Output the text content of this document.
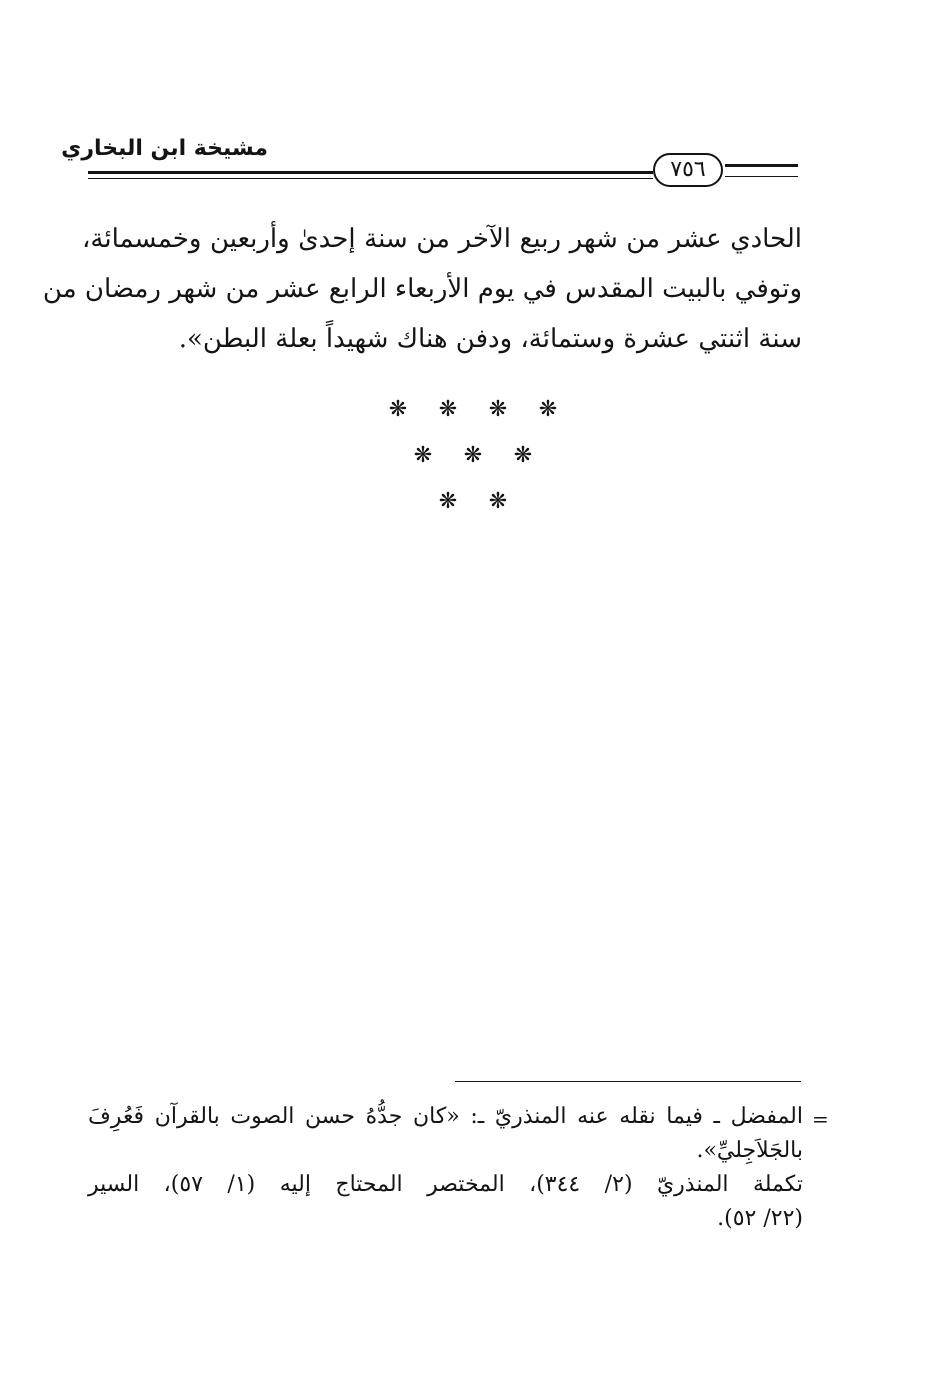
مشيخة ابن البخاري
٧٥٦
الحادي عشر من شهر ربيع الآخر من سنة إحدىٰ وأربعين وخمسمائة،
وتوفي بالبيت المقدس في يوم الأربعاء الرابع عشر من شهر رمضان من
سنة اثنتي عشرة وستمائة، ودفن هناك شهيداً بعلة البطن».
❋ ❋ ❋ ❋
❋ ❋ ❋
❋ ❋
=
المفضل ـ فيما نقله عنه المنذريّ ـ: «كان جدُّهُ حسن الصوت بالقرآن فَعُرِفَ
بالجَلاَجِليِّ».
تكملة المنذريّ (٢/ ٣٤٤)، المختصر المحتاج إليه (١/ ٥٧)، السير
(٢٢/ ٥٢).
